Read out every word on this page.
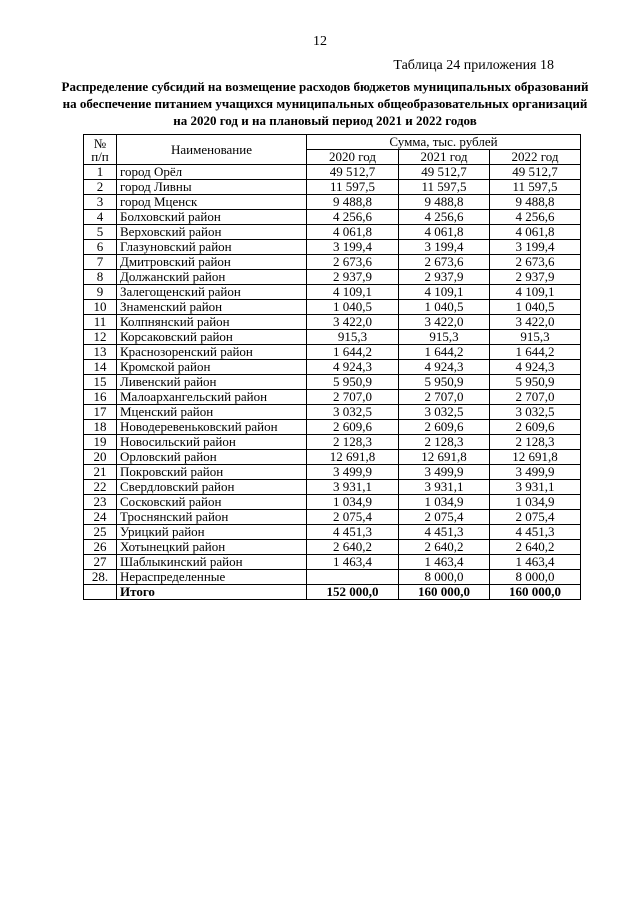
12
Таблица 24 приложения 18
Распределение субсидий на возмещение расходов бюджетов муниципальных образований на обеспечение питанием учащихся муниципальных общеобразовательных организаций на 2020 год и на плановый период 2021 и 2022 годов
№
п/п	Наименование	Сумма, тыс. рублей		
		2020 год	2021 год	2022 год
1	город Орёл	49 512,7	49 512,7	49 512,7
2	город Ливны	11 597,5	11 597,5	11 597,5
3	город Мценск	9 488,8	9 488,8	9 488,8
4	Болховский район	4 256,6	4 256,6	4 256,6
5	Верховский район	4 061,8	4 061,8	4 061,8
6	Глазуновский район	3 199,4	3 199,4	3 199,4
7	Дмитровский район	2 673,6	2 673,6	2 673,6
8	Должанский район	2 937,9	2 937,9	2 937,9
9	Залегощенский район	4 109,1	4 109,1	4 109,1
10	Знаменский район	1 040,5	1 040,5	1 040,5
11	Колпнянский район	3 422,0	3 422,0	3 422,0
12	Корсаковский район	915,3	915,3	915,3
13	Краснозоренский район	1 644,2	1 644,2	1 644,2
14	Кромской район	4 924,3	4 924,3	4 924,3
15	Ливенский район	5 950,9	5 950,9	5 950,9
16	Малоархангельский район	2 707,0	2 707,0	2 707,0
17	Мценский район	3 032,5	3 032,5	3 032,5
18	Новодеревеньковский район	2 609,6	2 609,6	2 609,6
19	Новосильский район	2 128,3	2 128,3	2 128,3
20	Орловский район	12 691,8	12 691,8	12 691,8
21	Покровский район	3 499,9	3 499,9	3 499,9
22	Свердловский район	3 931,1	3 931,1	3 931,1
23	Сосковский район	1 034,9	1 034,9	1 034,9
24	Троснянский район	2 075,4	2 075,4	2 075,4
25	Урицкий район	4 451,3	4 451,3	4 451,3
26	Хотынецкий район	2 640,2	2 640,2	2 640,2
27	Шаблыкинский район	1 463,4	1 463,4	1 463,4
28.	Нераспределенные		8 000,0	8 000,0
	Итого	152 000,0	160 000,0	160 000,0
